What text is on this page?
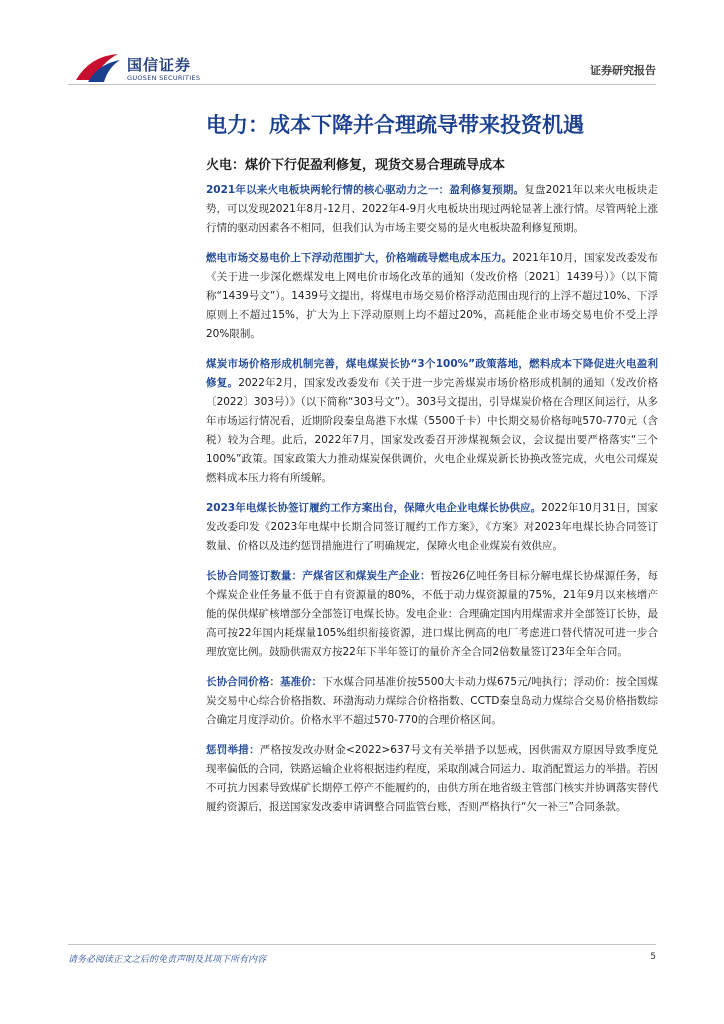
国信证券
GUOSEN SECURITIES
证券研究报告
电力：成本下降并合理疏导带来投资机遇
火电：煤价下行促盈利修复，现货交易合理疏导成本

2021年以来火电板块两轮行情的核心驱动力之一：盈利修复预期。复盘2021年以来火电板块走势，可以发现2021年8月-12月、2022年4-9月火电板块出现过两轮显著上涨行情。尽管两轮上涨行情的驱动因素各不相同，但我们认为市场主要交易的是火电板块盈利修复预期。

燃电市场交易电价上下浮动范围扩大，价格端疏导燃电成本压力。2021年10月，国家发改委发布《关于进一步深化燃煤发电上网电价市场化改革的通知（发改价格〔2021〕1439号）》（以下简称“1439号文”）。1439号文提出，将煤电市场交易价格浮动范围由现行的上浮不超过10%、下浮原则上不超过15%，扩大为上下浮动原则上均不超过20%，高耗能企业市场交易电价不受上浮20%限制。

煤炭市场价格形成机制完善，煤电煤炭长协“3个100%”政策落地，燃料成本下降促进火电盈利修复。2022年2月，国家发改委发布《关于进一步完善煤炭市场价格形成机制的通知（发改价格〔2022〕303号）》（以下简称“303号文”）。303号文提出，引导煤炭价格在合理区间运行，从多年市场运行情况看，近期阶段秦皇岛港下水煤（5500千卡）中长期交易价格每吨570-770元（含税）较为合理。此后，2022年7月，国家发改委召开涉煤视频会议，会议提出要严格落实“三个100%”政策。国家政策大力推动煤炭保供调价，火电企业煤炭新长协换改签完成，火电公司煤炭燃料成本压力将有所缓解。

2023年电煤长协签订履约工作方案出台，保障火电企业电煤长协供应。2022年10月31日，国家发改委印发《2023年电煤中长期合同签订履约工作方案》，《方案》对2023年电煤长协合同签订数量、价格以及违约惩罚措施进行了明确规定，保障火电企业煤炭有效供应。

长协合同签订数量：产煤省区和煤炭生产企业：暂按26亿吨任务目标分解电煤长协煤源任务，每个煤炭企业任务量不低于自有资源量的80%，不低于动力煤资源量的75%，21年9月以来核增产能的保供煤矿核增部分全部签订电煤长协。发电企业：合理确定国内用煤需求并全部签订长协，最高可按22年国内耗煤量105%组织衔接资源，进口煤比例高的电厂考虑进口替代情况可进一步合理放宽比例。鼓励供需双方按22年下半年签订的量价齐全合同2倍数量签订23年全年合同。

长协合同价格：基准价：下水煤合同基准价按5500大卡动力煤675元/吨执行；浮动价：按全国煤炭交易中心综合价格指数、环渤海动力煤综合价格指数、CCTD秦皇岛动力煤综合交易价格指数综合确定月度浮动价。价格水平不超过570-770的合理价格区间。

惩罚举措：严格按发改办财金<2022>637号文有关举措予以惩戒，因供需双方原因导致季度兑现率偏低的合同，铁路运输企业将根据违约程度，采取削减合同运力、取消配置运力的举措。若因不可抗力因素导致煤矿长期停工停产不能履约的，由供方所在地省级主管部门核实并协调落实替代履约资源后，报送国家发改委申请调整合同监管台账，否则严格执行“欠一补三”合同条款。

请务必阅读正文之后的免责声明及其项下所有内容	5
